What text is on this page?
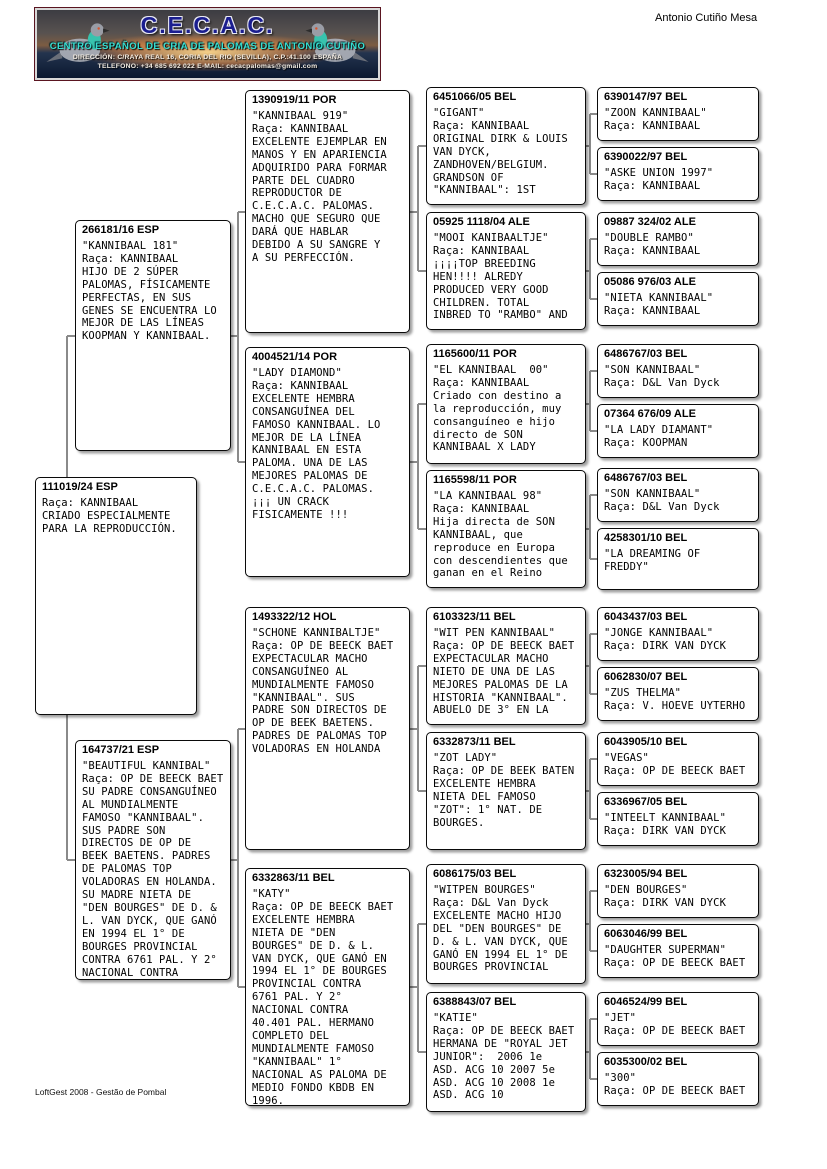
C.E.C.A.C.
CENTRO ESPAÑOL DE CRIA DE PALOMAS DE ANTONIO CUTIÑO
DIRECCIÓN: C/RAYA REAL 16, CORIA DEL RIO (SEVILLA), C.P.:41.100 ESPAÑA
TELEFONO: +34 685 692 022 E-MAIL: cecacpalomas@gmail.com
Antonio Cutiño Mesa
111019/24 ESP
Raça: KANNIBAAL
CRIADO ESPECIALMENTE
PARA LA REPRODUCCIÓN.
266181/16 ESP
"KANNIBAAL 181"
Raça: KANNIBAAL
HIJO DE 2 SÚPER
PALOMAS, FÍSICAMENTE
PERFECTAS, EN SUS
GENES SE ENCUENTRA LO
MEJOR DE LAS LÍNEAS
KOOPMAN Y KANNIBAAL.
164737/21 ESP
"BEAUTIFUL KANNIBAL"
Raça: OP DE BEECK BAET
SU PADRE CONSANGUÍNEO
AL MUNDIALMENTE
FAMOSO "KANNIBAAL".
SUS PADRE SON
DIRECTOS DE OP DE
BEEK BAETENS. PADRES
DE PALOMAS TOP
VOLADORAS EN HOLANDA.
SU MADRE NIETA DE
"DEN BOURGES" DE D. &
L. VAN DYCK, QUE GANÓ
EN 1994 EL 1° DE
BOURGES PROVINCIAL
CONTRA 6761 PAL. Y 2°
NACIONAL CONTRA
1390919/11 POR
"KANNIBAAL 919"
Raça: KANNIBAAL
EXCELENTE EJEMPLAR EN
MANOS Y EN APARIENCIA
ADQUIRIDO PARA FORMAR
PARTE DEL CUADRO
REPRODUCTOR DE
C.E.C.A.C. PALOMAS.
MACHO QUE SEGURO QUE
DARÁ QUE HABLAR
DEBIDO A SU SANGRE Y
A SU PERFECCIÓN.
4004521/14 POR
"LADY DIAMOND"
Raça: KANNIBAAL
EXCELENTE HEMBRA
CONSANGUÍNEA DEL
FAMOSO KANNIBAAL. LO
MEJOR DE LA LÍNEA
KANNIBAAL EN ESTA
PALOMA. UNA DE LAS
MEJORES PALOMAS DE
C.E.C.A.C. PALOMAS.
¡¡¡ UN CRACK
FISICAMENTE !!!
1493322/12 HOL
"SCHONE KANNIBALTJE"
Raça: OP DE BEECK BAET
EXPECTACULAR MACHO
CONSANGUÍNEO AL
MUNDIALMENTE FAMOSO
"KANNIBAAL". SUS
PADRE SON DIRECTOS DE
OP DE BEEK BAETENS.
PADRES DE PALOMAS TOP
VOLADORAS EN HOLANDA
6332863/11 BEL
"KATY"
Raça: OP DE BEECK BAET
EXCELENTE HEMBRA
NIETA DE "DEN
BOURGES" DE D. & L.
VAN DYCK, QUE GANÓ EN
1994 EL 1° DE BOURGES
PROVINCIAL CONTRA
6761 PAL. Y 2°
NACIONAL CONTRA
40.401 PAL. HERMANO
COMPLETO DEL
MUNDIALMENTE FAMOSO
"KANNIBAAL" 1°
NACIONAL AS PALOMA DE
MEDIO FONDO KBDB EN
1996.
6451066/05 BEL
"GIGANT"
Raça: KANNIBAAL
ORIGINAL DIRK & LOUIS
VAN DYCK,
ZANDHOVEN/BELGIUM.
GRANDSON OF
"KANNIBAAL": 1ST
05925 1118/04 ALE
"MOOI KANIBAALTJE"
Raça: KANNIBAAL
¡¡¡¡TOP BREEDING
HEN!!!! ALREDY
PRODUCED VERY GOOD
CHILDREN. TOTAL
INBRED TO "RAMBO" AND
1165600/11 POR
"EL KANNIBAAL  00"
Raça: KANNIBAAL
Criado con destino a
la reproducción, muy
consanguíneo e hijo
directo de SON
KANNIBAAL X LADY
1165598/11 POR
"LA KANNIBAAL 98"
Raça: KANNIBAAL
Hija directa de SON
KANNIBAAL, que
reproduce en Europa
con descendientes que
ganan en el Reino
6103323/11 BEL
"WIT PEN KANNIBAAL"
Raça: OP DE BEECK BAET
EXPECTACULAR MACHO
NIETO DE UNA DE LAS
MEJORES PALOMAS DE LA
HISTORIA "KANNIBAAL".
ABUELO DE 3° EN LA
6332873/11 BEL
"ZOT LADY"
Raça: OP DE BEEK BATEN
EXCELENTE HEMBRA
NIETA DEL FAMOSO
"ZOT": 1° NAT. DE
BOURGES.
6086175/03 BEL
"WITPEN BOURGES"
Raça: D&L Van Dyck
EXCELENTE MACHO HIJO
DEL "DEN BOURGES" DE
D. & L. VAN DYCK, QUE
GANÓ EN 1994 EL 1° DE
BOURGES PROVINCIAL
6388843/07 BEL
"KATIE"
Raça: OP DE BEECK BAET
HERMANA DE "ROYAL JET
JUNIOR":  2006 1e
ASD. ACG 10 2007 5e
ASD. ACG 10 2008 1e
ASD. ACG 10
6390147/97 BEL
"ZOON KANNIBAAL"
Raça: KANNIBAAL
6390022/97 BEL
"ASKE UNION 1997"
Raça: KANNIBAAL
09887 324/02 ALE
"DOUBLE RAMBO"
Raça: KANNIBAAL
05086 976/03 ALE
"NIETA KANNIBAAL"
Raça: KANNIBAAL
6486767/03 BEL
"SON KANNIBAAL"
Raça: D&L Van Dyck
07364 676/09 ALE
"LA LADY DIAMANT"
Raça: KOOPMAN
6486767/03 BEL
"SON KANNIBAAL"
Raça: D&L Van Dyck
4258301/10 BEL
"LA DREAMING OF
FREDDY"
6043437/03 BEL
"JONGE KANNIBAAL"
Raça: DIRK VAN DYCK
6062830/07 BEL
"ZUS THELMA"
Raça: V. HOEVE UYTERHO
6043905/10 BEL
"VEGAS"
Raça: OP DE BEECK BAET
6336967/05 BEL
"INTEELT KANNIBAAL"
Raça: DIRK VAN DYCK
6323005/94 BEL
"DEN BOURGES"
Raça: DIRK VAN DYCK
6063046/99 BEL
"DAUGHTER SUPERMAN"
Raça: OP DE BEECK BAET
6046524/99 BEL
"JET"
Raça: OP DE BEECK BAET
6035300/02 BEL
"300"
Raça: OP DE BEECK BAET
LoftGest 2008 - Gestão de Pombal
